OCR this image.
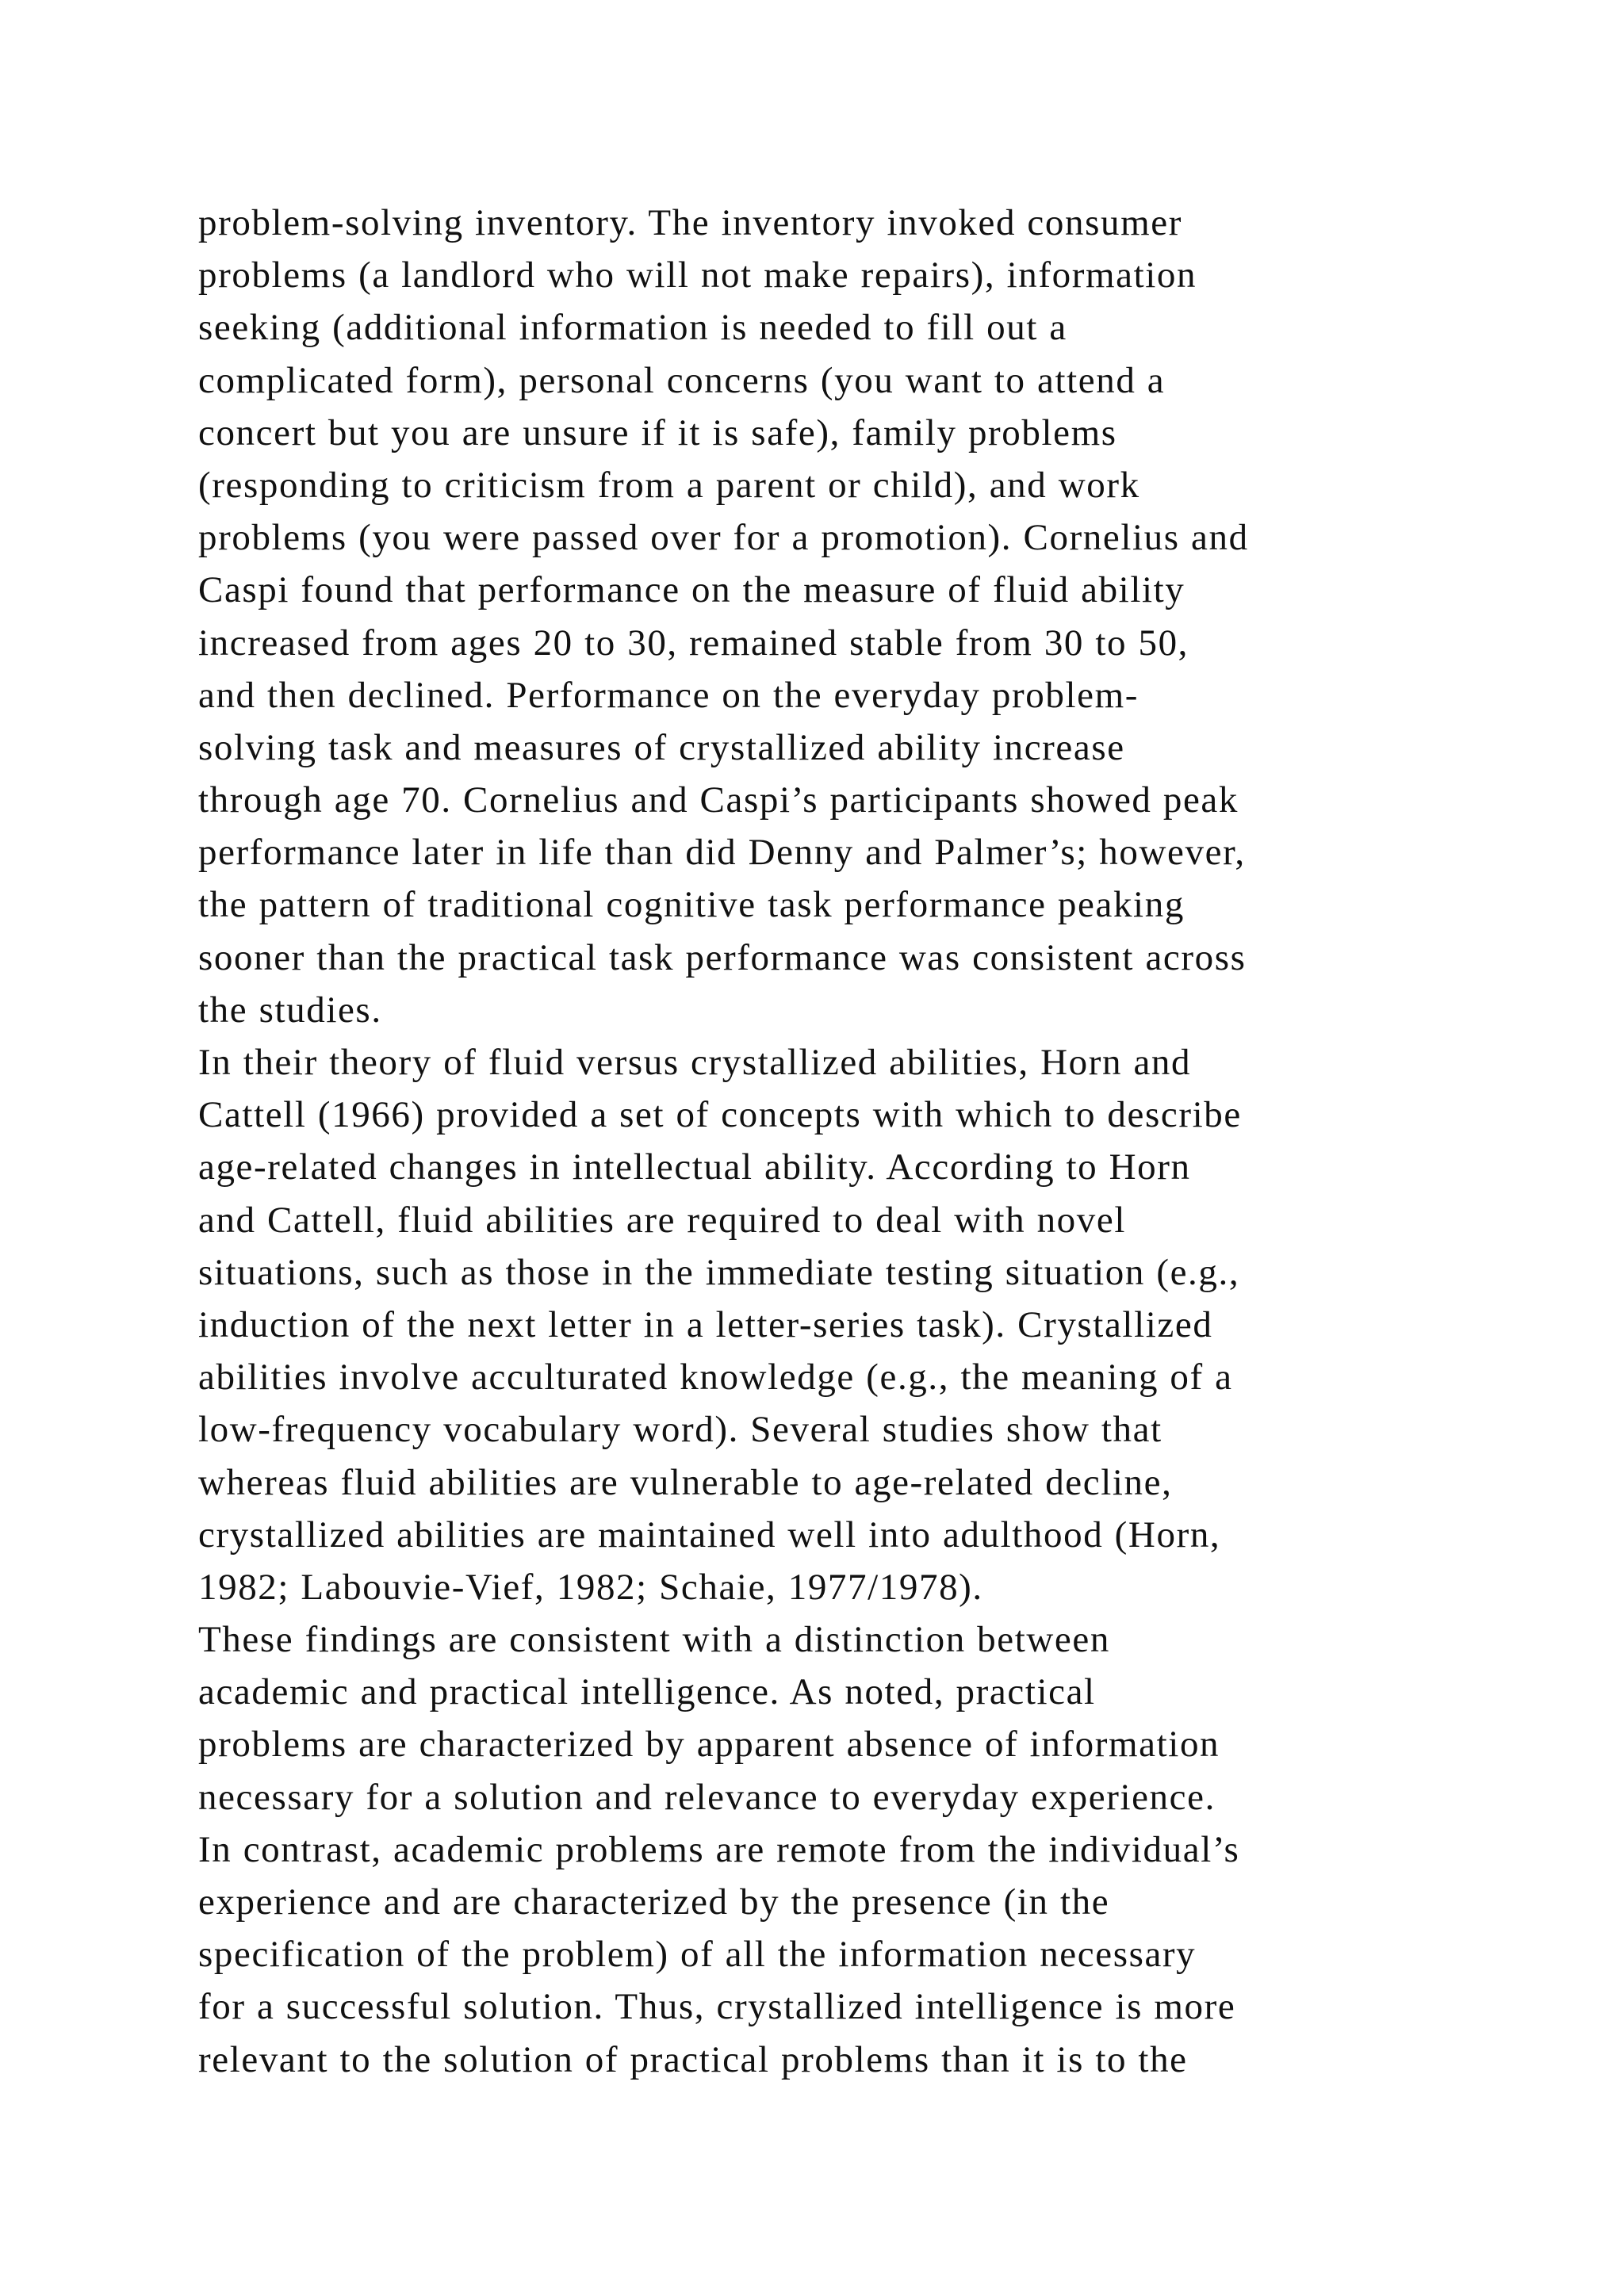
problem-solving inventory. The inventory invoked consumer
problems (a landlord who will not make repairs), information
seeking (additional information is needed to fill out a
complicated form), personal concerns (you want to attend a
concert but you are unsure if it is safe), family problems
(responding to criticism from a parent or child), and work
problems (you were passed over for a promotion). Cornelius and
Caspi found that performance on the measure of fluid ability
increased from ages 20 to 30, remained stable from 30 to 50,
and then declined. Performance on the everyday problem-
solving task and measures of crystallized ability increase
through age 70. Cornelius and Caspi’s participants showed peak
performance later in life than did Denny and Palmer’s; however,
the pattern of traditional cognitive task performance peaking
sooner than the practical task performance was consistent across
the studies.
In their theory of fluid versus crystallized abilities, Horn and
Cattell (1966) provided a set of concepts with which to describe
age-related changes in intellectual ability. According to Horn
and Cattell, fluid abilities are required to deal with novel
situations, such as those in the immediate testing situation (e.g.,
induction of the next letter in a letter-series task). Crystallized
abilities involve acculturated knowledge (e.g., the meaning of a
low-frequency vocabulary word). Several studies show that
whereas fluid abilities are vulnerable to age-related decline,
crystallized abilities are maintained well into adulthood (Horn,
1982; Labouvie-Vief, 1982; Schaie, 1977/1978).
These findings are consistent with a distinction between
academic and practical intelligence. As noted, practical
problems are characterized by apparent absence of information
necessary for a solution and relevance to everyday experience.
In contrast, academic problems are remote from the individual’s
experience and are characterized by the presence (in the
specification of the problem) of all the information necessary
for a successful solution. Thus, crystallized intelligence is more
relevant to the solution of practical problems than it is to the
